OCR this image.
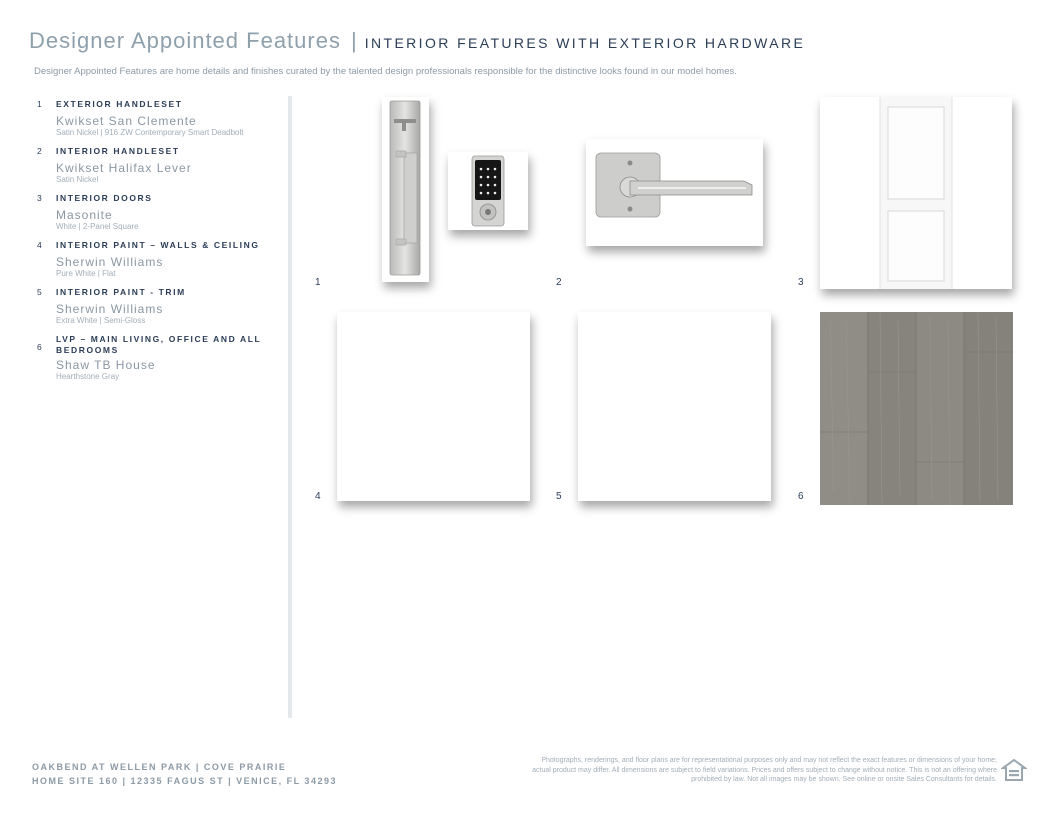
Designer Appointed Features | INTERIOR FEATURES WITH EXTERIOR HARDWARE
Designer Appointed Features are home details and finishes curated by the talented design professionals responsible for the distinctive looks found in our model homes.
1 EXTERIOR HANDLESET
Kwikset San Clemente
Satin Nickel | 916 ZW Contemporary Smart Deadbolt
2 INTERIOR HANDLESET
Kwikset Halifax Lever
Satin Nickel
3 INTERIOR DOORS
Masonite
White | 2-Panel Square
4 INTERIOR PAINT – WALLS & CEILING
Sherwin Williams
Pure White | Flat
5 INTERIOR PAINT - TRIM
Sherwin Williams
Extra White | Semi-Gloss
6
LVP – MAIN LIVING, OFFICE AND ALL BEDROOMS
Shaw TB House
Hearthstone Gray
1	2	3
4	5	6
OAKBEND AT WELLEN PARK | COVE PRAIRIE
HOME SITE 160 | 12335 FAGUS ST | VENICE, FL 34293
Photographs, renderings, and floor plans are for representational purposes only and may not reflect the exact features or dimensions of your home; actual product may differ. All dimensions are subject to field variations. Prices and offers subject to change without notice. This is not an offering where prohibited by law. Not all images may be shown. See online or onsite Sales Consultants for details.
